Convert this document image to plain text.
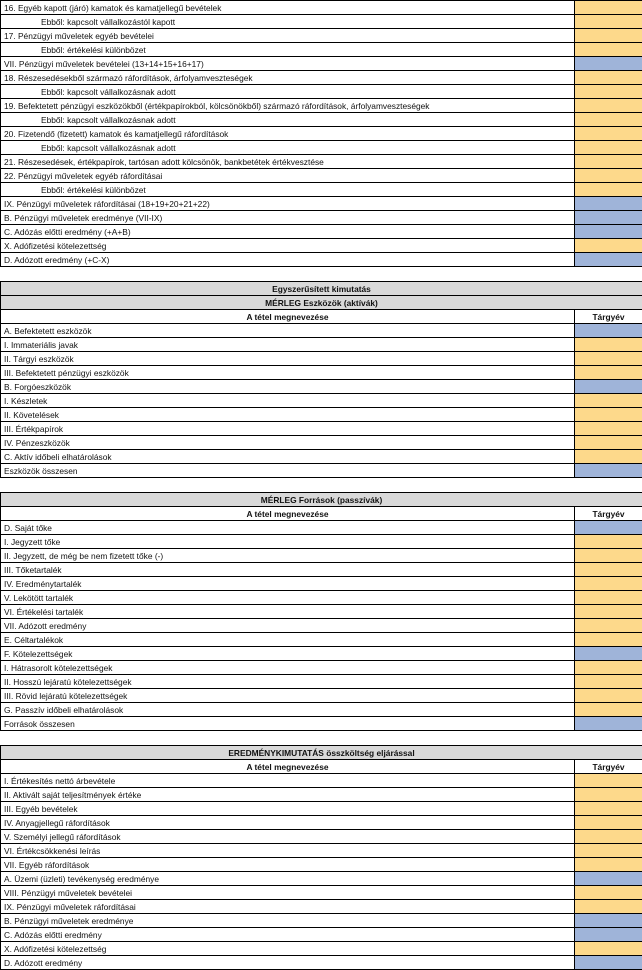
16. Egyéb kapott (járó) kamatok és kamatjellegű bevételek	
Ebből: kapcsolt vállalkozástól kapott	
17. Pénzügyi műveletek egyéb bevételei	
Ebből: értékelési különbözet	
VII. Pénzügyi műveletek bevételei (13+14+15+16+17)	
18. Részesedésekből származó ráfordítások, árfolyamveszteségek	
Ebből: kapcsolt vállalkozásnak adott	
19. Befektetett pénzügyi eszközökből (értékpapírokból, kölcsönökből) származó ráfordítások, árfolyamveszteségek	
Ebből: kapcsolt vállalkozásnak adott	
20. Fizetendő (fizetett) kamatok és kamatjellegű ráfordítások	
Ebből: kapcsolt vállalkozásnak adott	
21. Részesedések, értékpapírok, tartósan adott kölcsönök, bankbetétek értékvesztése	
22. Pénzügyi műveletek egyéb ráfordításai	
Ebből: értékelési különbözet	
IX. Pénzügyi műveletek ráfordításai (18+19+20+21+22)	
B. Pénzügyi műveletek eredménye (VII-IX)	
C. Adózás előtti eredmény (+A+B)	
X. Adófizetési kötelezettség	
D. Adózott eredmény (+C-X)	
Egyszerűsített kimutatás	
MÉRLEG Eszközök (aktívák)	
A tétel megnevezése	Tárgyév
A. Befektetett eszközök	
I. Immateriális javak	
II. Tárgyi eszközök	
III. Befektetett pénzügyi eszközök	
B. Forgóeszközök	
I. Készletek	
II. Követelések	
III. Értékpapírok	
IV. Pénzeszközök	
C. Aktív időbeli elhatárolások	
Eszközök összesen	
MÉRLEG Források (passzívák)	
A tétel megnevezése	Tárgyév
D. Saját tőke	
I. Jegyzett tőke	
II. Jegyzett, de még be nem fizetett tőke (-)	
III. Tőketartalék	
IV. Eredménytartalék	
V. Lekötött tartalék	
VI. Értékelési tartalék	
VII. Adózott eredmény	
E. Céltartalékok	
F. Kötelezettségek	
I. Hátrasorolt kötelezettségek	
II. Hosszú lejáratú kötelezettségek	
III. Rövid lejáratú kötelezettségek	
G. Passzív időbeli elhatárolások	
Források összesen	
EREDMÉNYKIMUTATÁS összköltség eljárással	
A tétel megnevezése	Tárgyév
I. Értékesítés nettó árbevétele	
II. Aktivált saját teljesítmények értéke	
III. Egyéb bevételek	
IV. Anyagjellegű ráfordítások	
V. Személyi jellegű ráfordítások	
VI. Értékcsökkenési leírás	
VII. Egyéb ráfordítások	
A. Üzemi (üzleti) tevékenység eredménye	
VIII. Pénzügyi műveletek bevételei	
IX. Pénzügyi műveletek ráfordításai	
B. Pénzügyi műveletek eredménye	
C. Adózás előtti eredmény	
X. Adófizetési kötelezettség	
D. Adózott eredmény	
